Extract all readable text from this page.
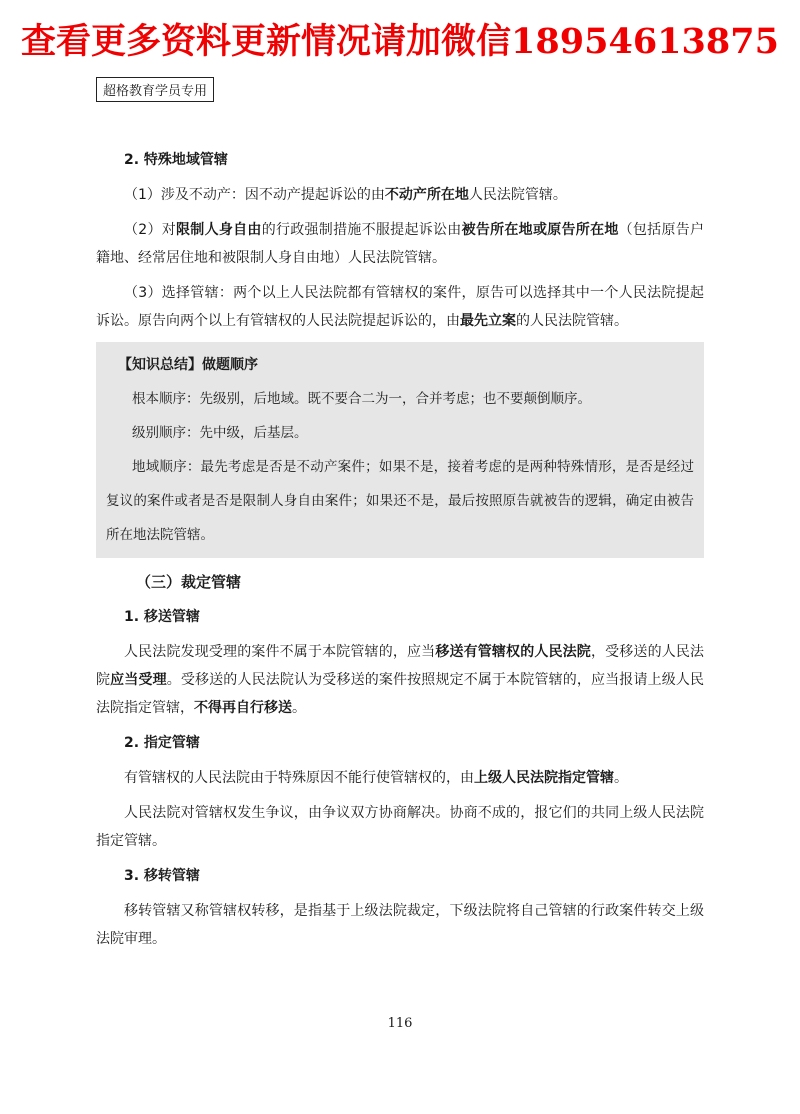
查看更多资料更新情况请加微信18954613875
超格教育学员专用
2. 特殊地域管辖

（1）涉及不动产：因不动产提起诉讼的由不动产所在地人民法院管辖。

（2）对限制人身自由的行政强制措施不服提起诉讼由被告所在地或原告所在地（包括原告户籍地、经常居住地和被限制人身自由地）人民法院管辖。

（3）选择管辖：两个以上人民法院都有管辖权的案件，原告可以选择其中一个人民法院提起诉讼。原告向两个以上有管辖权的人民法院提起诉讼的，由最先立案的人民法院管辖。

【知识总结】做题顺序

根本顺序：先级别，后地域。既不要合二为一，合并考虑；也不要颠倒顺序。

级别顺序：先中级，后基层。

地域顺序：最先考虑是否是不动产案件；如果不是，接着考虑的是两种特殊情形，是否是经过复议的案件或者是否是限制人身自由案件；如果还不是，最后按照原告就被告的逻辑，确定由被告所在地法院管辖。

（三）裁定管辖
1. 移送管辖

人民法院发现受理的案件不属于本院管辖的，应当移送有管辖权的人民法院，受移送的人民法院应当受理。受移送的人民法院认为受移送的案件按照规定不属于本院管辖的，应当报请上级人民法院指定管辖，不得再自行移送。

2. 指定管辖

有管辖权的人民法院由于特殊原因不能行使管辖权的，由上级人民法院指定管辖。

人民法院对管辖权发生争议，由争议双方协商解决。协商不成的，报它们的共同上级人民法院指定管辖。

3. 移转管辖

移转管辖又称管辖权转移，是指基于上级法院裁定，下级法院将自己管辖的行政案件转交上级法院审理。

116
